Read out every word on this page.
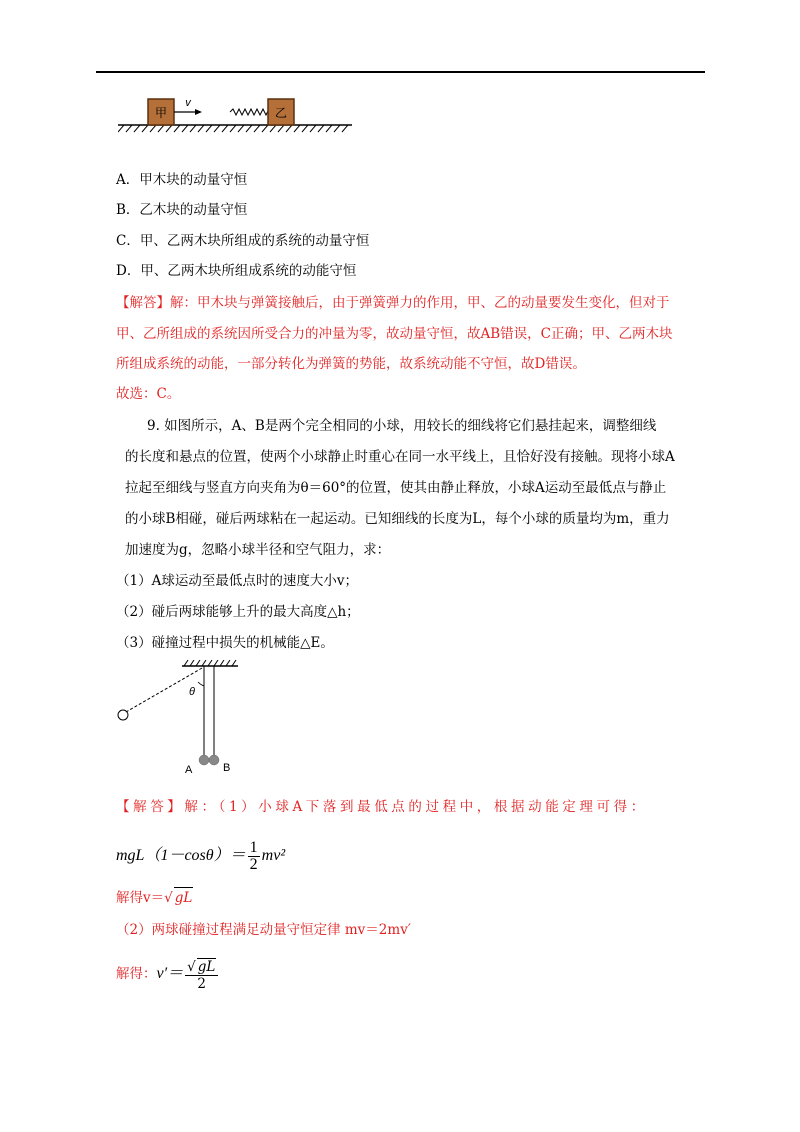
甲
v
乙
A．甲木块的动量守恒
B．乙木块的动量守恒
C．甲、乙两木块所组成的系统的动量守恒
D．甲、乙两木块所组成系统的动能守恒
【解答】解：甲木块与弹簧接触后，由于弹簧弹力的作用，甲、乙的动量要发生变化，但对于
甲、乙所组成的系统因所受合力的冲量为零，故动量守恒，故AB错误，C正确；甲、乙两木块
所组成系统的动能，一部分转化为弹簧的势能，故系统动能不守恒，故D错误。
故选：C。
9. 如图所示，A、B是两个完全相同的小球，用较长的细线将它们悬挂起来，调整细线
的长度和悬点的位置，使两个小球静止时重心在同一水平线上，且恰好没有接触。现将小球A
拉起至细线与竖直方向夹角为θ＝60°的位置，使其由静止释放，小球A运动至最低点与静止
的小球B相碰，碰后两球粘在一起运动。已知细线的长度为L，每个小球的质量均为m，重力
加速度为g，忽略小球半径和空气阻力，求：
（1）A球运动至最低点时的速度大小v；
（2）碰后两球能够上升的最大高度△h；
（3）碰撞过程中损失的机械能△E。
θ
A	B
【解答】解：（1）小球A下落到最低点的过程中，根据动能定理可得：
$mgL(1-\cos\theta)= \frac{1}{2} mv^2$
解得v＝√ gL
（2）两球碰撞过程满足动量守恒定律 mv＝2mv′
解得：$v'= \frac{√ gL}{2}$
